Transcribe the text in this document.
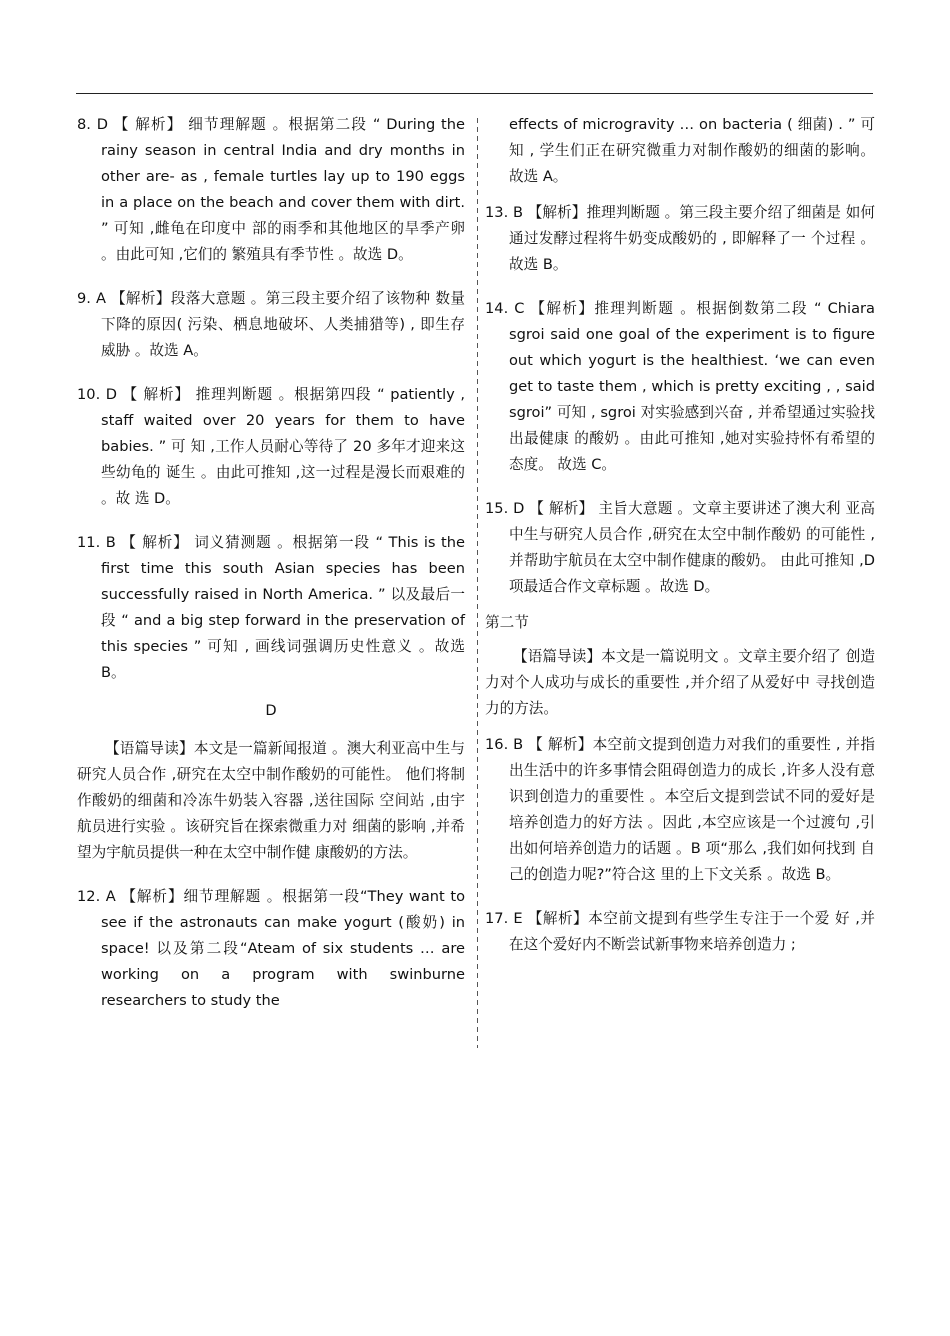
8. D 【 解析】 细节理解题 。根据第二段 “ During the rainy season in central India and dry months in other are- as , female turtles lay up to 190 eggs in a place on the beach and cover them with dirt. ” 可知 ,雌龟在印度中 部的雨季和其他地区的旱季产卵 。由此可知 ,它们的 繁殖具有季节性 。故选 D。

9. A 【解析】段落大意题 。第三段主要介绍了该物种 数量下降的原因( 污染、栖息地破坏、人类捕猎等) , 即生存威胁 。故选 A。

10. D 【 解析】 推理判断题 。根据第四段 “ patiently , staff waited over 20 years for them to have babies. ” 可 知 ,工作人员耐心等待了 20 多年才迎来这些幼龟的 诞生 。由此可推知 ,这一过程是漫长而艰难的 。故 选 D。

11. B 【 解析】 词义猜测题 。根据第一段 “ This is the first time this south Asian species has been successfully raised in North America. ” 以及最后一段 “ and a big step forward in the preservation of this species ” 可知 , 画线词强调历史性意义 。故选 B。

D

【语篇导读】本文是一篇新闻报道 。澳大利亚高中生与研究人员合作 ,研究在太空中制作酸奶的可能性。 他们将制作酸奶的细菌和冷冻牛奶装入容器 ,送往国际 空间站 ,由宇航员进行实验 。该研究旨在探索微重力对 细菌的影响 ,并希望为宇航员提供一种在太空中制作健 康酸奶的方法。

12. A 【解析】细节理解题 。根据第一段“They want to see if the astronauts can make yogurt (酸奶) in space! 以及第二段“Ateam of six students … are working on a program with swinburne researchers to study the

effects of microgravity … on bacteria ( 细菌) . ” 可知 , 学生们正在研究微重力对制作酸奶的细菌的影响。 故选 A。

13. B 【解析】推理判断题 。第三段主要介绍了细菌是 如何通过发酵过程将牛奶变成酸奶的 , 即解释了一 个过程 。故选 B。

14. C 【解析】推理判断题 。根据倒数第二段 “ Chiara sgroi said one goal of the experiment is to figure out which yogurt is the healthiest. ‘we can even get to taste them , which is pretty exciting , , said sgroi” 可知 , sgroi 对实验感到兴奋 , 并希望通过实验找出最健康 的酸奶 。由此可推知 ,她对实验持怀有希望的态度。 故选 C。

15. D 【 解析】 主旨大意题 。文章主要讲述了澳大利 亚高中生与研究人员合作 ,研究在太空中制作酸奶 的可能性 ,并帮助宇航员在太空中制作健康的酸奶。 由此可推知 ,D 项最适合作文章标题 。故选 D。

第二节

【语篇导读】本文是一篇说明文 。文章主要介绍了 创造力对个人成功与成长的重要性 ,并介绍了从爱好中 寻找创造力的方法。

16. B 【 解析】本空前文提到创造力对我们的重要性 , 并指出生活中的许多事情会阻碍创造力的成长 ,许多人没有意识到创造力的重要性 。本空后文提到尝试不同的爱好是培养创造力的好方法 。因此 ,本空应该是一个过渡句 ,引出如何培养创造力的话题 。B 项“那么 ,我们如何找到 自 己的创造力呢?”符合这 里的上下文关系 。故选 B。

17. E 【解析】本空前文提到有些学生专注于一个爱 好 ,并在这个爱好内不断尝试新事物来培养创造力 ;
